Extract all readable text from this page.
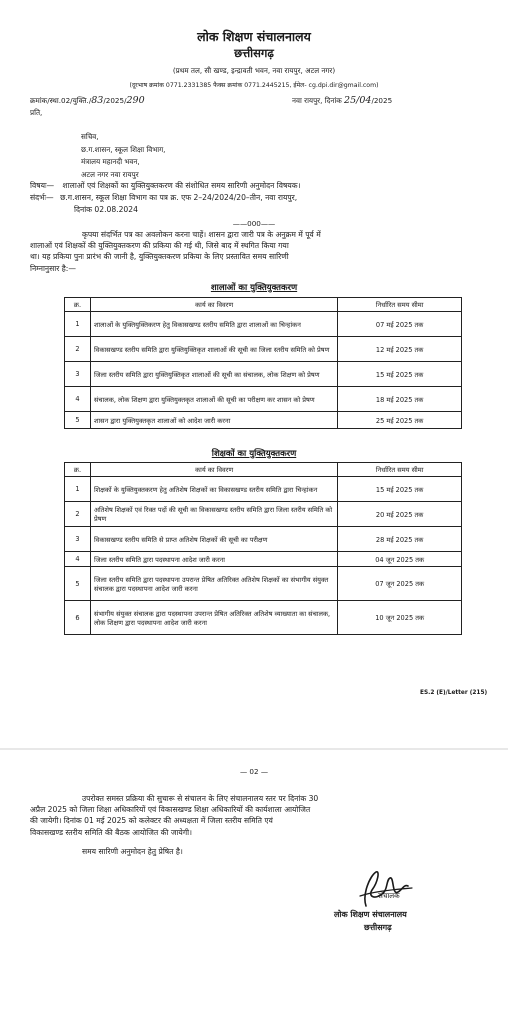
लोक शिक्षण संचालनालय
छत्तीसगढ़
(प्रथम तल, सी खण्ड, इन्द्रावती भवन, नवा रायपुर, अटल नगर)
(दूरभाष क्रमांक 0771.2331385 फैक्स क्रमांक 0771.2445215, ईमेल- cg.dpi.dir@gmail.com)
क्रमांक/स्था.02/युक्ति./83/2025/290	नवा रायपुर, दिनांक 25/04/2025
प्रति,
सचिव,
छ.ग.शासन, स्कूल शिक्षा विभाग,
मंत्रालय महानदी भवन,
अटल नगर नवा रायपुर
विषयः— शालाओं एवं शिक्षकों का युक्तियुक्तकरण की संशोधित समय सारिणी अनुमोदन विषयक।
संदर्भः— छ.ग.शासन, स्कूल शिक्षा विभाग का पत्र क्र. एफ 2–24/2024/20–तीन, नवा रायपुर,
दिनांक 02.08.2024
——000——
कृपया संदर्भित पत्र का अवलोकन करना चाहें। शासन द्वारा जारी पत्र के अनुक्रम में पूर्व में
शालाओं एवं शिक्षकों की युक्तियुक्तकरण की प्रकिया की गई थी, जिसे बाद में स्थगित किया गया
था। यह प्रकिया पुनः प्रारंभ की जानी है, युक्तियुक्तकरण प्रकिया के लिए प्रस्तावित समय सारिणी
निम्नानुसार है:—
शालाओं का युक्तियुक्तकरण
क्र.	कार्य का विवरण	निर्धारित समय सीमा
1	शालाओं के युक्तियुक्तिकरण हेतु विकासखण्ड स्तरीय समिति द्वारा शालाओं का चिन्हांकन	07 मई 2025 तक
2	विकासखण्ड स्तरीय समिति द्वारा युक्तियुक्तिकृत शालाओं की सूची का जिला स्तरीय समिति को प्रेषण	12 मई 2025 तक
3	जिला स्तरीय समिति द्वारा युक्तियुक्तिकृत शालाओं की सूची का संचालक, लोक शिक्षण को प्रेषण	15 मई 2025 तक
4	संचालक, लोक शिक्षण द्वारा युक्तियुक्तकृत शालाओं की सूची का परीक्षण कर शासन को प्रेषण	18 मई 2025 तक
5	शासन द्वारा युक्तियुक्तकृत शालाओं को आदेश जारी करना	25 मई 2025 तक
शिक्षकों का युक्तियुक्तकरण
क्र.	कार्य का विवरण	निर्धारित समय सीमा
1	शिक्षकों के युक्तियुक्तकरण हेतु अतिशेष शिक्षकों का विकासखण्ड स्तरीय समिति द्वारा चिन्हांकन	15 मई 2025 तक
2	अतिशेष शिक्षकों एवं रिक्त पदों की सूची का विकासखण्ड स्तरीय समिति द्वारा जिला स्तरीय समिति को प्रेषण	20 मई 2025 तक
3	विकासखण्ड स्तरीय समिति से प्राप्त अतिशेष शिक्षकों की सूची का परीक्षण	28 मई 2025 तक
4	जिला स्तरीय समिति द्वारा पदस्थापना आदेश जारी करना	04 जून 2025 तक
5	जिला स्तरीय समिति द्वारा पदस्थापना उपरान्त प्रेषित अतिरिक्त अतिशेष शिक्षकों का संभागीय संयुक्त संचालक द्वारा पदस्थापना आदेश जारी करना	07 जून 2025 तक
6	संभागीय संयुक्त संचालक द्वारा पदस्थापना उपरान्त प्रेषित अतिरिक्त अतिशेष व्याख्याता का संचालक, लोक शिक्षण द्वारा पदस्थापना आदेश जारी करना	10 जून 2025 तक
ES.2 (E)/Letter (215)
— 02 —
उपरोक्त समस्त प्रक्रिया की सुचारू से संचालन के लिए संचालनालय स्तर पर दिनांक 30
अप्रैल 2025 को जिला शिक्षा अधिकारियों एवं विकासखण्ड शिक्षा अधिकारियों की कार्यशाला आयोजित
की जायेगी। दिनांक 01 मई 2025 को कलेक्टर की अध्यक्षता में जिला स्तरीय समिति एवं
विकासखण्ड स्तरीय समिति की बैठक आयोजित की जायेगी।
समय सारिणी अनुमोदन हेतु प्रेषित है।
संचालक
लोक शिक्षण संचालनालय
छत्तीसगढ़
